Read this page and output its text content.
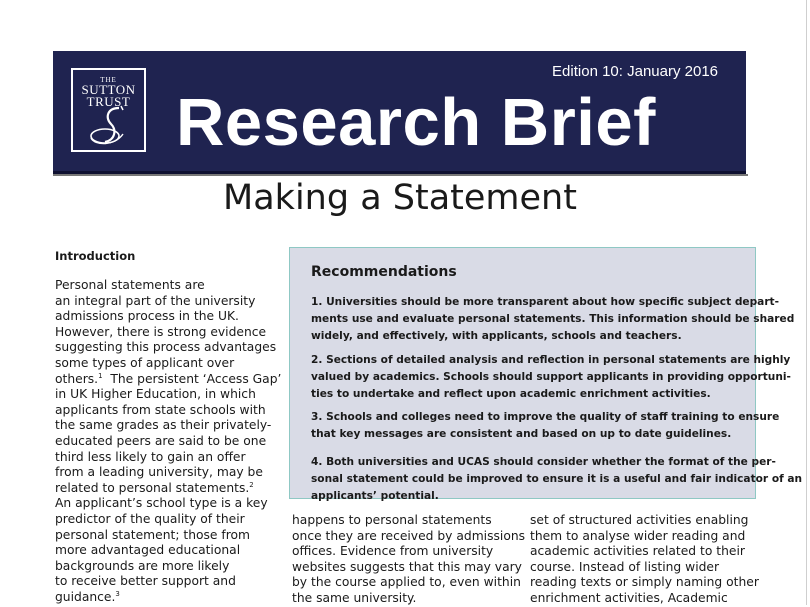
THE
SUTTON
TRUST
Edition 10: January 2016
Research Brief
Making a Statement
Introduction
Personal statements are
an integral part of the university
admissions process in the UK.
However, there is strong evidence
suggesting this process advantages
some types of applicant over
others.$^1$ The persistent ‘Access Gap’
in UK Higher Education, in which
applicants from state schools with
the same grades as their privately-
educated peers are said to be one
third less likely to gain an offer
from a leading university, may be
related to personal statements.$^2$
An applicant’s school type is a key
predictor of the quality of their
personal statement; those from
more advantaged educational
backgrounds are more likely
to receive better support and
guidance.$^3$
Recommendations
1. Universities should be more transparent about how specific subject depart-
ments use and evaluate personal statements. This information should be shared
widely, and effectively, with applicants, schools and teachers.
2. Sections of detailed analysis and reflection in personal statements are highly
valued by academics. Schools should support applicants in providing opportuni-
ties to undertake and reflect upon academic enrichment activities.
3. Schools and colleges need to improve the quality of staff training to ensure
that key messages are consistent and based on up to date guidelines.
4. Both universities and UCAS should consider whether the format of the per-
sonal statement could be improved to ensure it is a useful and fair indicator of an
applicants’ potential.
happens to personal statements
once they are received by admissions
offices. Evidence from university
websites suggests that this may vary
by the course applied to, even within
the same university.
set of structured activities enabling
them to analyse wider reading and
academic activities related to their
course. Instead of listing wider
reading texts or simply naming other
enrichment activities, Academic
